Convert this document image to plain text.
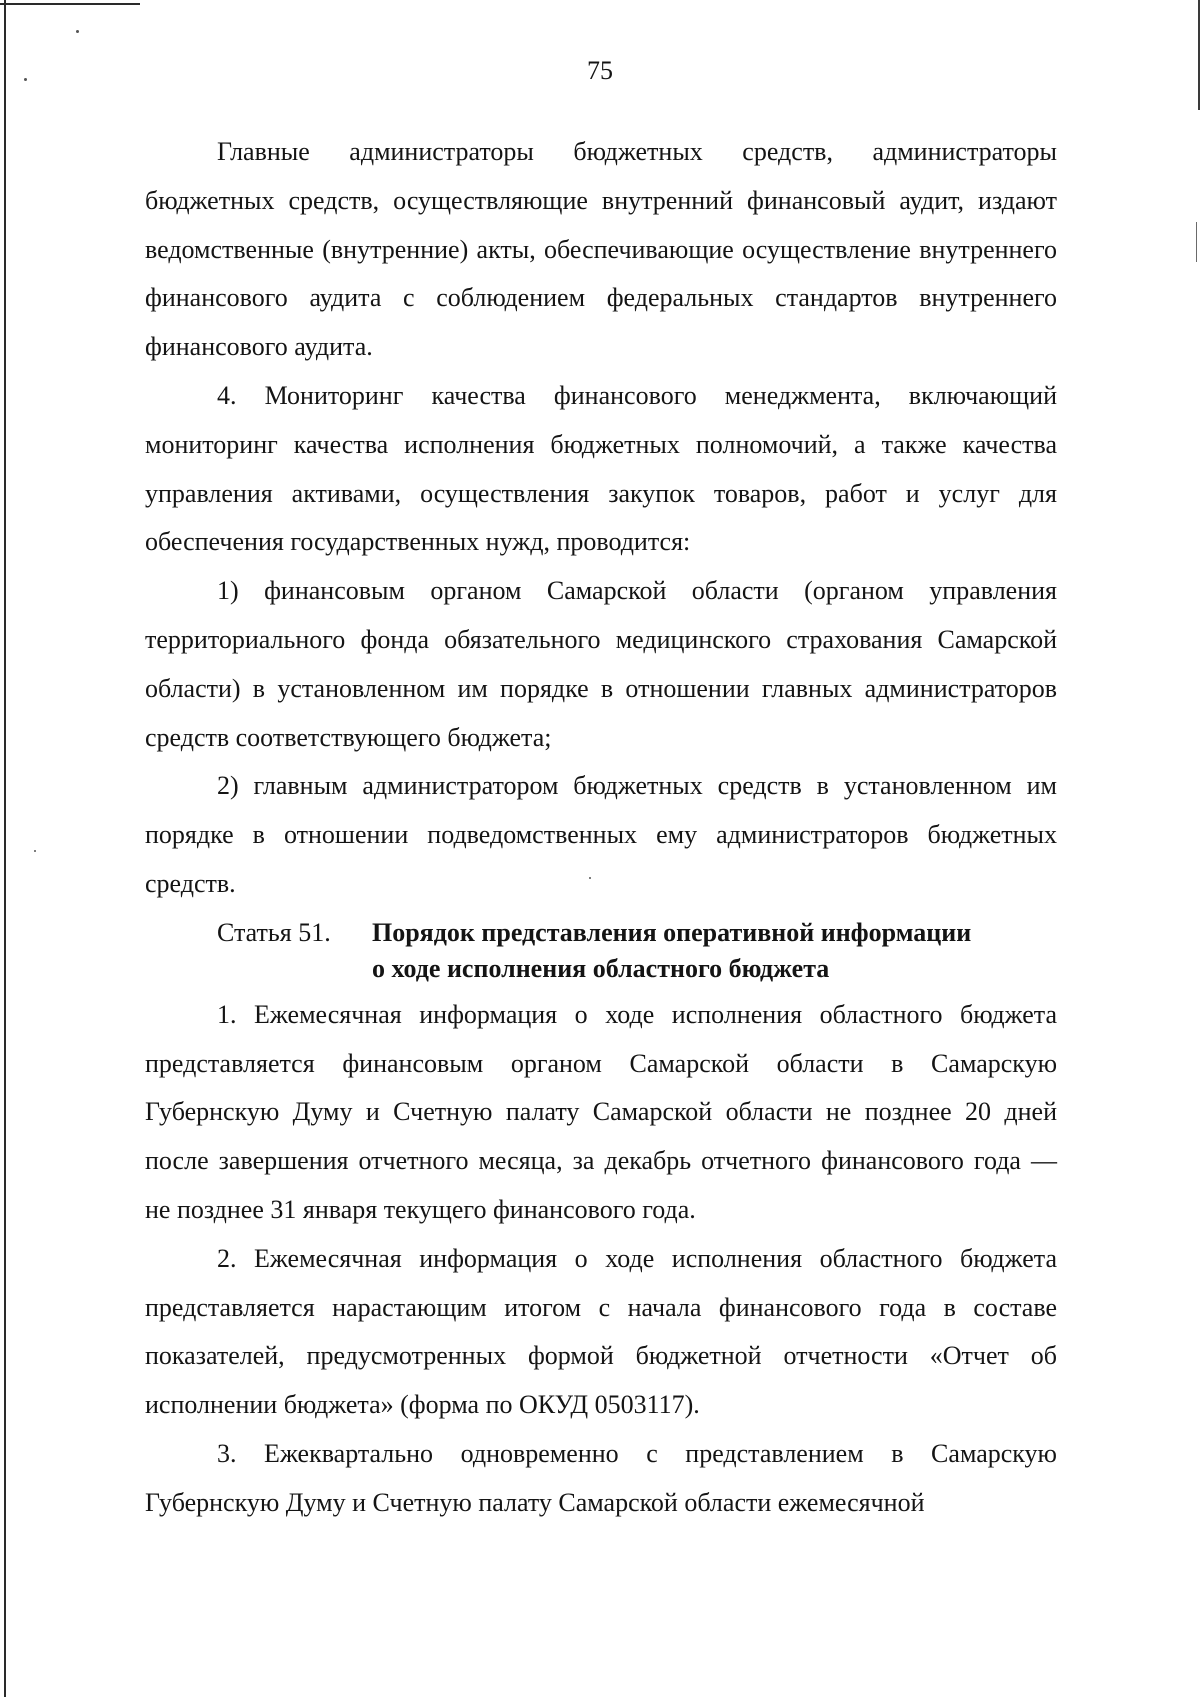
75

Главные администраторы бюджетных средств, администраторы бюджетных средств, осуществляющие внутренний финансовый аудит, издают ведомственные (внутренние) акты, обеспечивающие осуществление внутреннего финансового аудита с соблюдением федеральных стандартов внутреннего финансового аудита.

4. Мониторинг качества финансового менеджмента, включающий мониторинг качества исполнения бюджетных полномочий, а также качества управления активами, осуществления закупок товаров, работ и услуг для обеспечения государственных нужд, проводится:

1) финансовым органом Самарской области (органом управления территориального фонда обязательного медицинского страхования Самарской области) в установленном им порядке в отношении главных администраторов средств соответствующего бюджета;

2) главным администратором бюджетных средств в установленном им порядке в отношении подведомственных ему администраторов бюджетных средств.

Статья 51.	Порядок представления оперативной информации
о ходе исполнения областного бюджета

1. Ежемесячная информация о ходе исполнения областного бюджета представляется финансовым органом Самарской области в Самарскую Губернскую Думу и Счетную палату Самарской области не позднее 20 дней после завершения отчетного месяца, за декабрь отчетного финансового года — не позднее 31 января текущего финансового года.

2. Ежемесячная информация о ходе исполнения областного бюджета представляется нарастающим итогом с начала финансового года в составе показателей, предусмотренных формой бюджетной отчетности «Отчет об исполнении бюджета» (форма по ОКУД 0503117).

3. Ежеквартально одновременно с представлением в Самарскую Губернскую Думу и Счетную палату Самарской области ежемесячной
